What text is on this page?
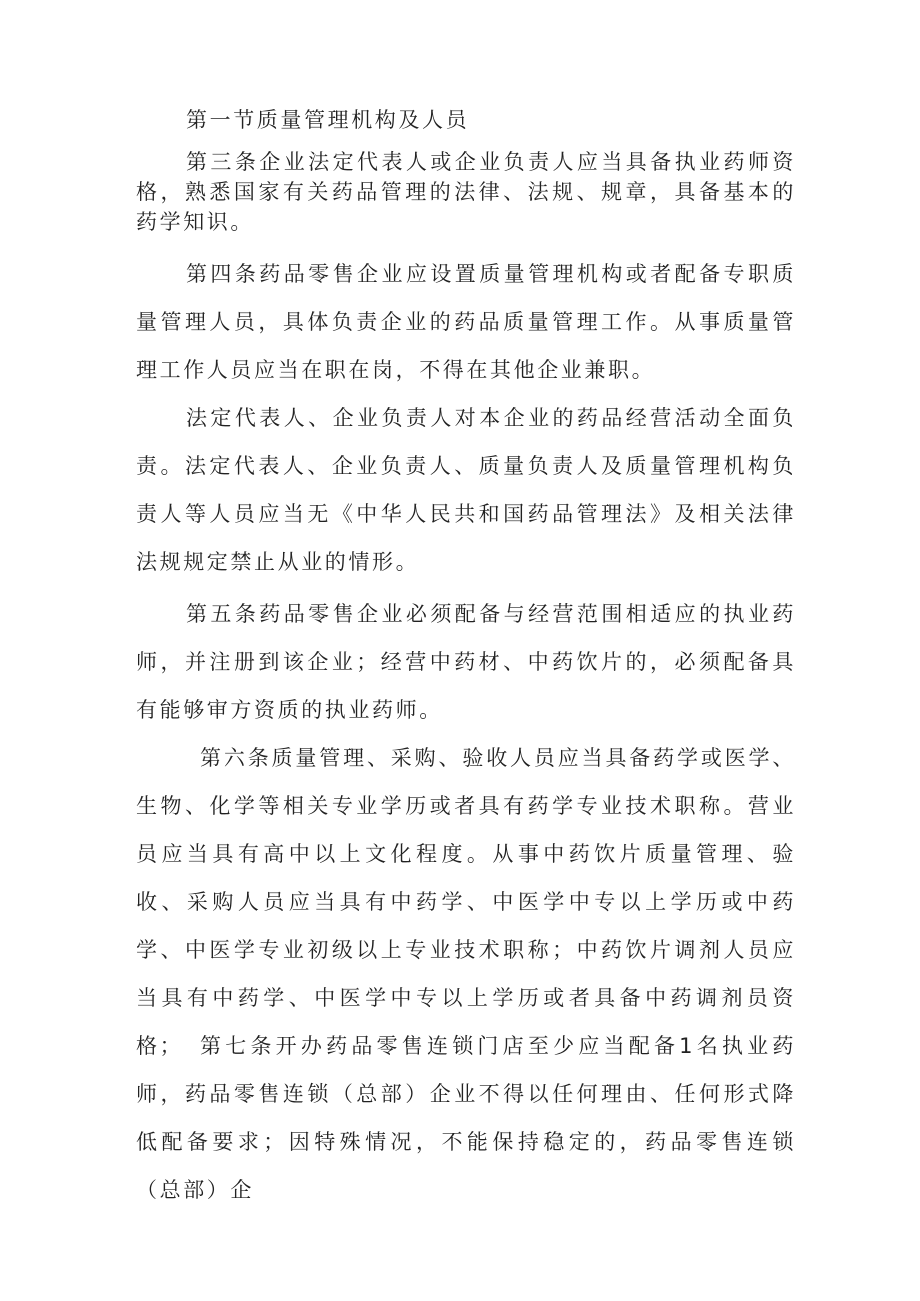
第一节质量管理机构及人员

第三条企业法定代表人或企业负责人应当具备执业药师资格，熟悉国家有关药品管理的法律、法规、规章，具备基本的药学知识。

第四条药品零售企业应设置质量管理机构或者配备专职质量管理人员，具体负责企业的药品质量管理工作。从事质量管理工作人员应当在职在岗，不得在其他企业兼职。

法定代表人、企业负责人对本企业的药品经营活动全面负责。法定代表人、企业负责人、质量负责人及质量管理机构负责人等人员应当无《中华人民共和国药品管理法》及相关法律法规规定禁止从业的情形。

第五条药品零售企业必须配备与经营范围相适应的执业药师，并注册到该企业；经营中药材、中药饮片的，必须配备具有能够审方资质的执业药师。

第六条质量管理、采购、验收人员应当具备药学或医学、生物、化学等相关专业学历或者具有药学专业技术职称。营业员应当具有高中以上文化程度。从事中药饮片质量管理、验收、采购人员应当具有中药学、中医学中专以上学历或中药学、中医学专业初级以上专业技术职称；中药饮片调剂人员应当具有中药学、中医学中专以上学历或者具备中药调剂员资格； 第七条开办药品零售连锁门店至少应当配备1名执业药师，药品零售连锁（总部）企业不得以任何理由、任何形式降低配备要求；因特殊情况，不能保持稳定的，药品零售连锁（总部）企
